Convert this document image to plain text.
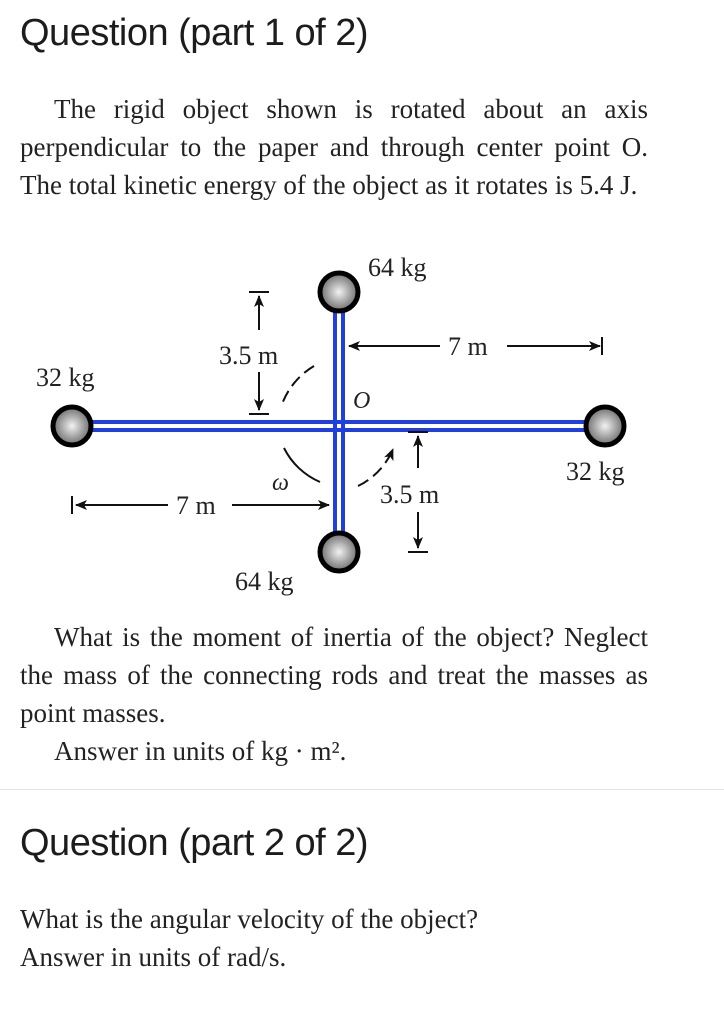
Question (part 1 of 2)
The rigid object shown is rotated about an axis perpendicular to the paper and through center point O. The total kinetic energy of the object as it rotates is 5.4 J.
64 kg
32 kg
32 kg
64 kg
O
3.5 m	7 m
7 m	3.5 m
ω
What is the moment of inertia of the object? Neglect the mass of the connecting rods and treat the masses as point masses.
Answer in units of kg · m².
Question (part 2 of 2)
What is the angular velocity of the object?
Answer in units of rad/s.
